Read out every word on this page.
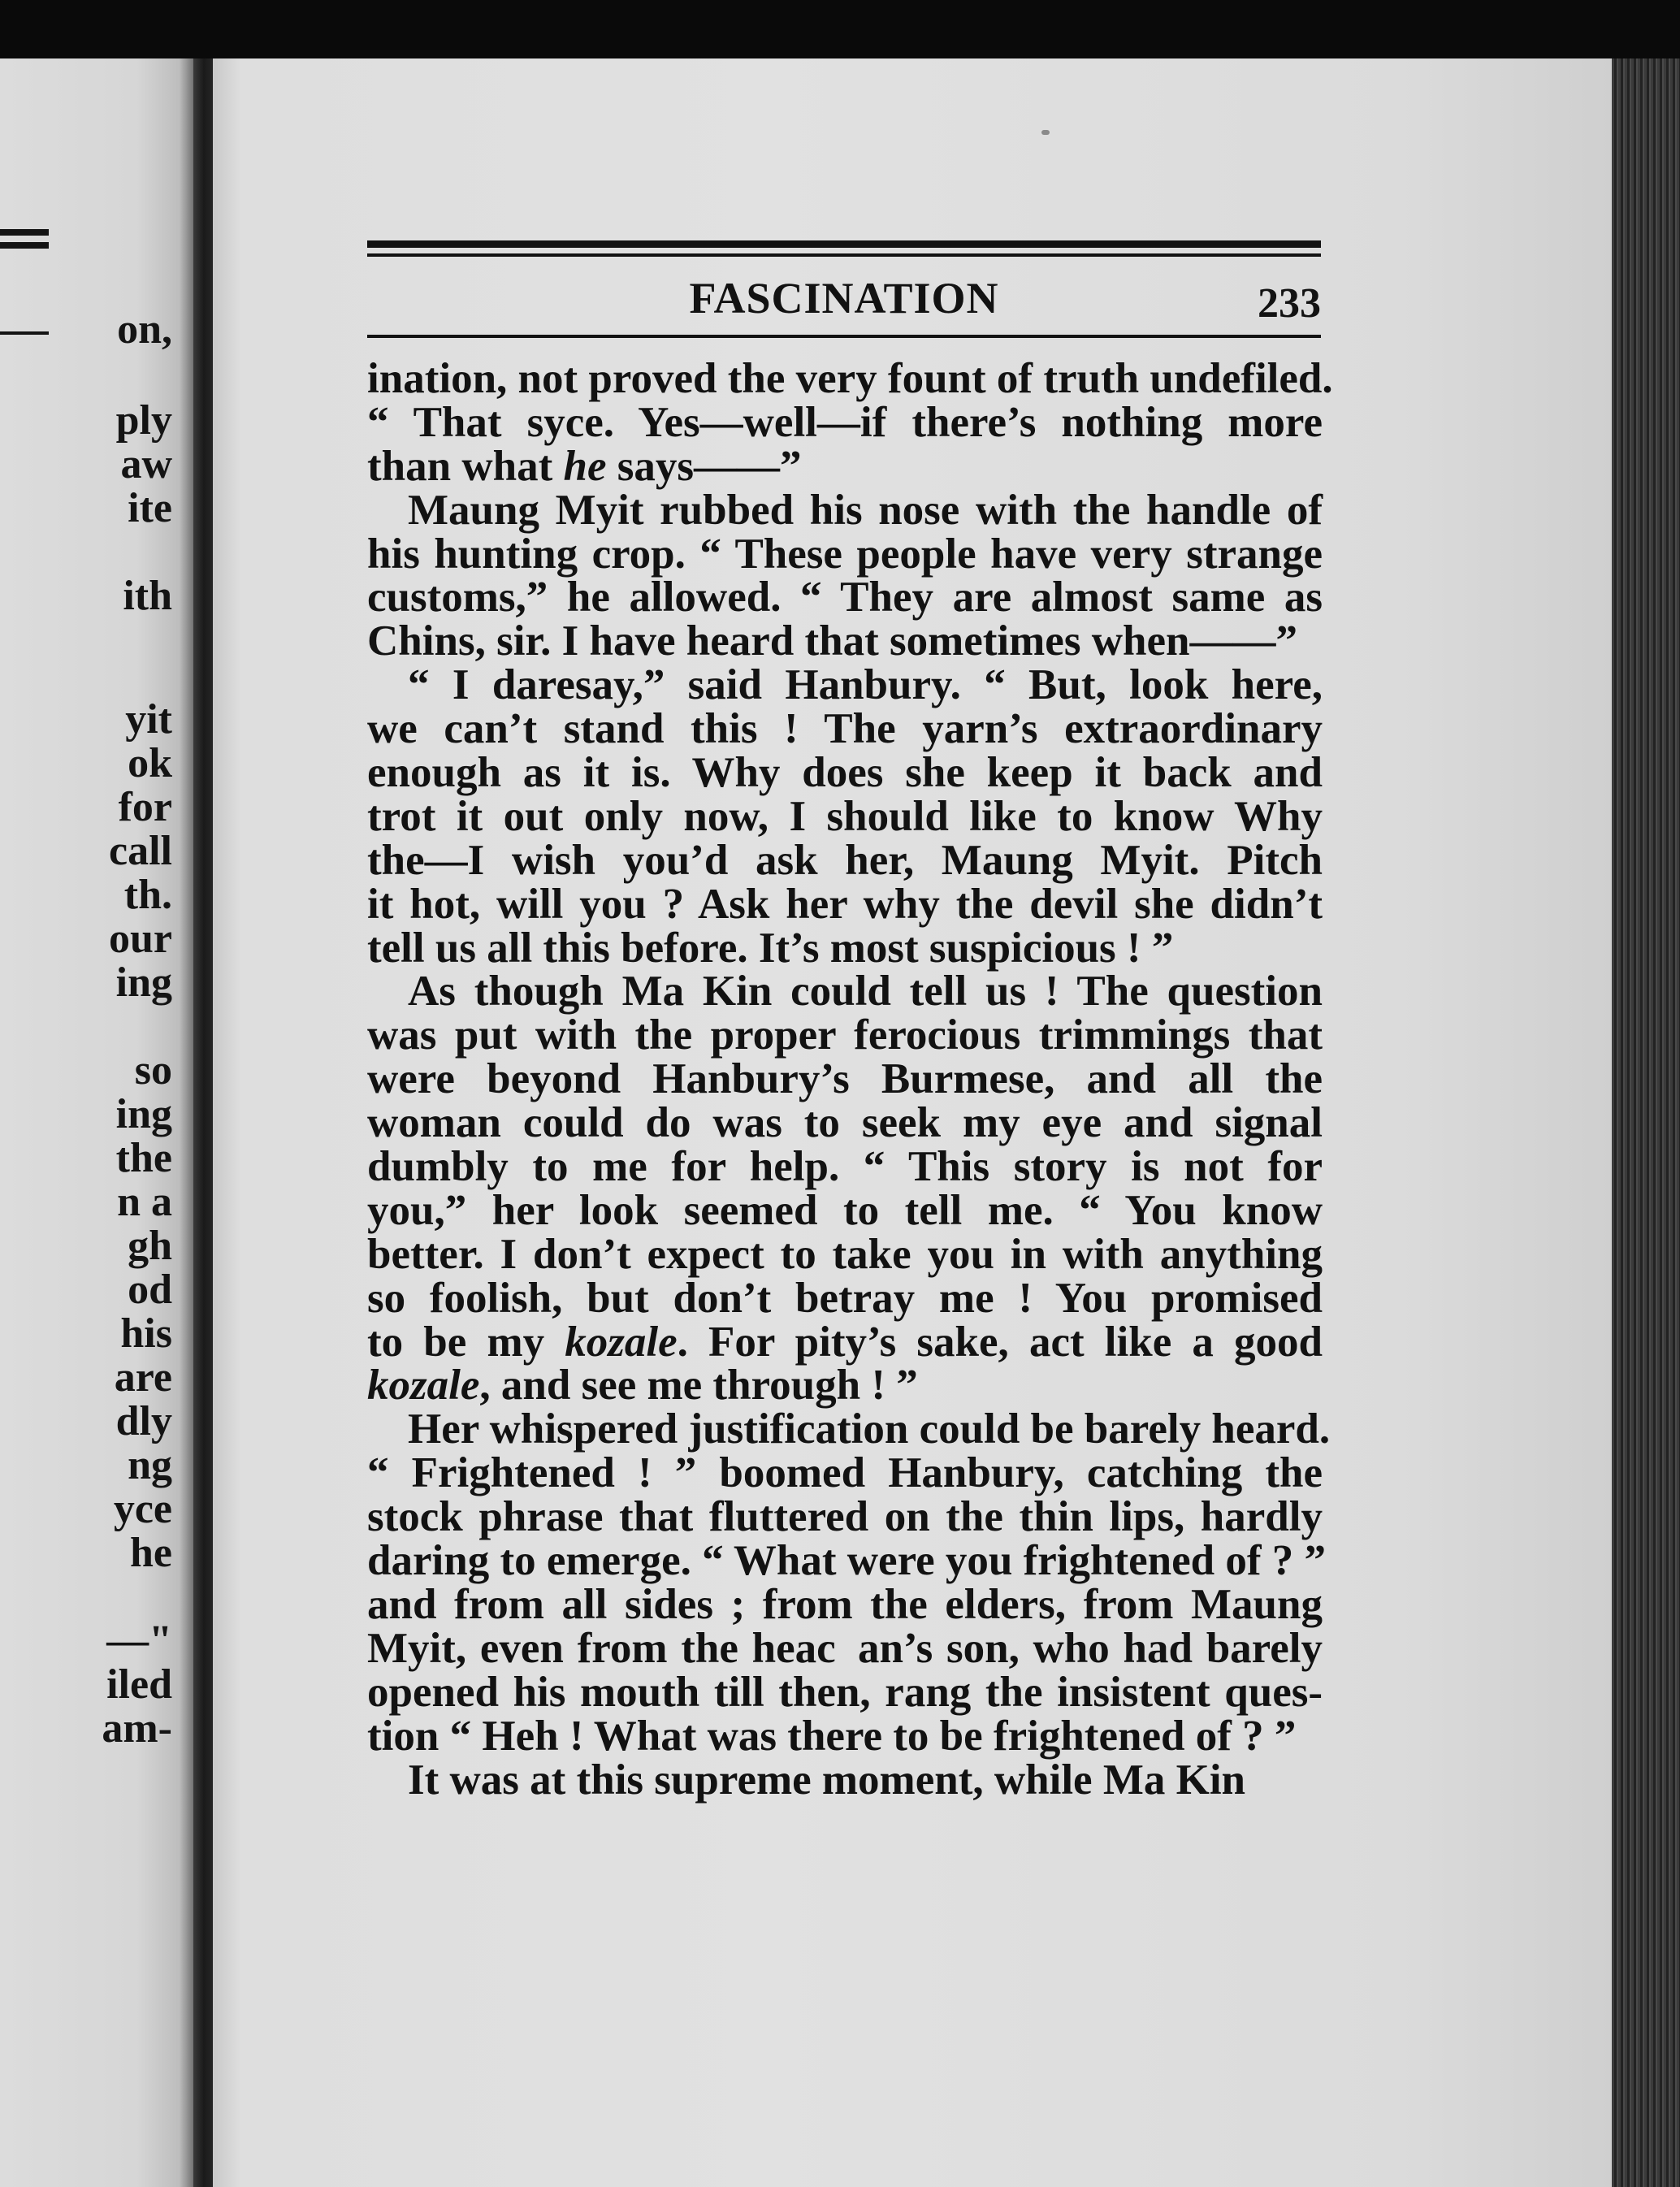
on,
ply
aw
ite
ith
yit
ok
for
call
th.
our
ing
so
ing
the
n a
gh
od
his
are
dly
ng
yce
he
—"
iled
am-
FASCINATION	233
ination, not proved the very fount of truth undefiled.
“ That syce. Yes—well—if there’s nothing more
than what he says——”
Maung Myit rubbed his nose with the handle of
his hunting crop. “ These people have very strange
customs,” he allowed. “ They are almost same as
Chins, sir. I have heard that sometimes when——”
“ I daresay,” said Hanbury. “ But, look here,
we can’t stand this ! The yarn’s extraordinary
enough as it is. Why does she keep it back and
trot it out only now, I should like to know Why
the—I wish you’d ask her, Maung Myit. Pitch
it hot, will you ? Ask her why the devil she didn’t
tell us all this before. It’s most suspicious ! ”
As though Ma Kin could tell us ! The question
was put with the proper ferocious trimmings that
were beyond Hanbury’s Burmese, and all the
woman could do was to seek my eye and signal
dumbly to me for help. “ This story is not for
you,” her look seemed to tell me. “ You know
better. I don’t expect to take you in with anything
so foolish, but don’t betray me ! You promised
to be my kozale. For pity’s sake, act like a good
kozale, and see me through ! ”
Her whispered justification could be barely heard.
“ Frightened ! ” boomed Hanbury, catching the
stock phrase that fluttered on the thin lips, hardly
daring to emerge. “ What were you frightened of ? ”
and from all sides ; from the elders, from Maung
Myit, even from the heac  an’s son, who had barely
opened his mouth till then, rang the insistent ques-
tion “ Heh ! What was there to be frightened of ? ”
It was at this supreme moment, while Ma Kin
